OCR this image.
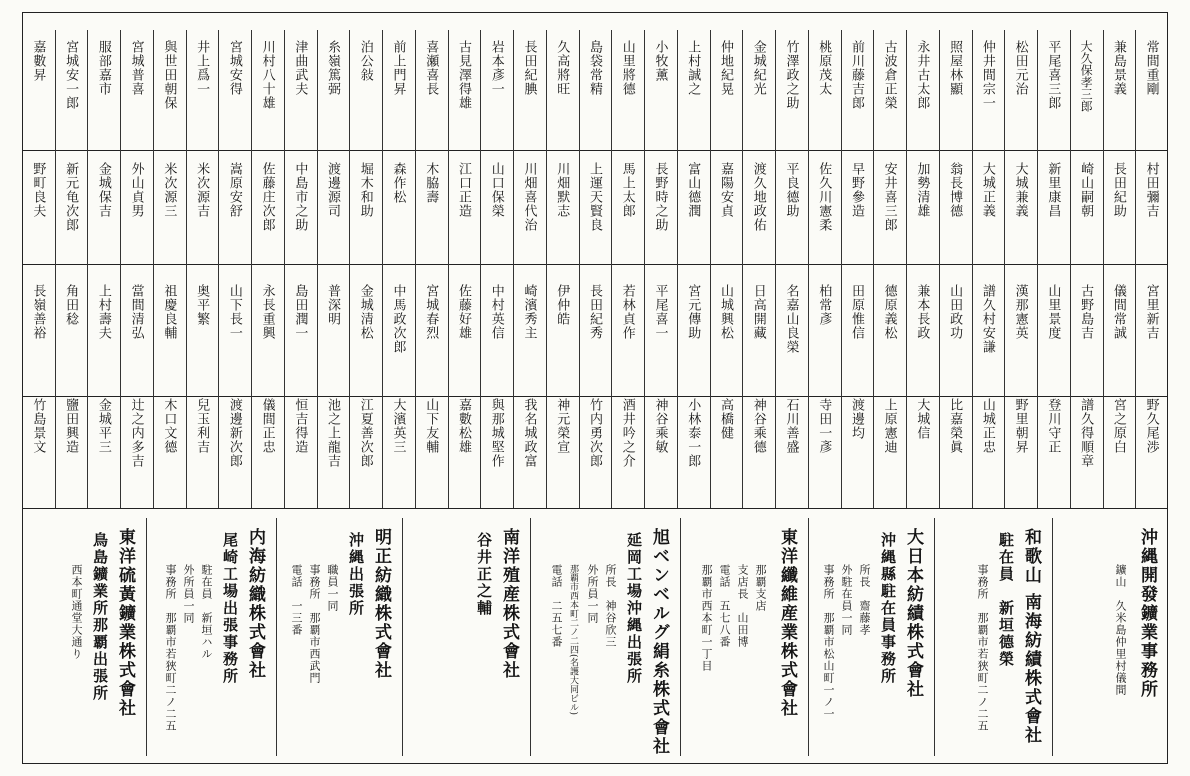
常間重剛
村田彌吉
宮里新吉
野久尾渉
兼島景義
長田紀助
儀間常誠
宮之原白
大久保孝三郎
崎山嗣朝
古野島吉
譜久得順章
平尾喜三郎
新里康昌
山里景度
登川守正
松田元治
大城兼義
漢那憲英
野里朝昇
仲井間宗一
大城正義
譜久村安謙
山城正忠
照屋林顯
翁長博德
山田政功
比嘉榮眞
永井古太郎
加勢清雄
兼本長政
大城信
古波倉正榮
安井喜三郎
德原義松
上原憲迪
前川藤吉郎
早野參造
田原惟信
渡邊均
桃原茂太
佐久川憲柔
柏常彥
寺田一彥
竹澤政之助
平良德助
名嘉山良榮
石川善盛
金城紀光
渡久地政佑
日高開藏
神谷乘德
仲地紀晃
嘉陽安貞
山城興松
高橋健
上村誠之
富山德潤
宮元傳助
小林泰一郎
小牧薰
長野時之助
平尾喜一
神谷乘敏
山里將德
馬上太郎
若林貞作
酒井吟之介
島袋常精
上運天賢良
長田紀秀
竹内勇次郎
久高將旺
川畑默志
伊仲皓
神元榮宣
長田紀腆
川畑喜代治
崎濱秀主
我名城政富
岩本彥一
山口保榮
中村英信
與那城堅作
古見澤得雄
江口正造
佐藤好雄
嘉數松雄
喜瀬喜長
木脇壽
宮城春烈
山下友輔
前上門昇
森作松
中馬政次郎
大濱英三
泊公敍
堀木和助
金城清松
江夏善次郎
糸嶺篤弼
渡邊源司
普深明
池之上龍吉
津曲武夫
中島市之助
島田潤一
恒吉得造
川村八十雄
佐藤庄次郎
永長重興
儀間正忠
宮城安得
嵩原安舒
山下長一
渡邊新次郎
井上爲一
米次源吉
奥平繁
兒玉利吉
與世田朝保
米次源三
祖慶良輔
木口文德
宮城普喜
外山貞男
當間清弘
辻之内多吉
服部嘉市
金城保吉
上村壽夫
金城平三
宮城安一郎
新元龟次郎
角田稔
鹽田興造
嘉數昇
野町良夫
長嶺善裕
竹島景文
沖縄開發鑛業事務所
鑛山　久米島仲里村儀間
和歌山 南海紡績株式會社
駐在員　新垣德榮
事務所　那覇市若狹町二ノ二五
大日本紡績株式會社
沖縄縣駐在員事務所
所長　齋藤孝
外駐在員一同
事務所　那覇市松山町一ノ一
東洋纖維産業株式會社
那覇支店
支店長　山田博
電話　五七八番
那覇市西本町一丁目
旭ベンベルグ絹糸株式會社
延岡工場沖縄出張所
所長　神谷欣三
外所員一同
那覇市西本町二ノ二四(名護大同ビル)
電話　二五七番
南洋殖産株式會社
谷井正之輔
明正紡織株式會社
沖縄出張所
職員一同
事務所　那覇市西武門
電話　一三番
内海紡織株式會社
尾崎工場出張事務所
駐在員　新垣ハル
外所員一同
事務所　那覇市若狹町二ノ二五
東洋硫黃鑛業株式會社
鳥島鑛業所那覇出張所
西本町通堂大通り
